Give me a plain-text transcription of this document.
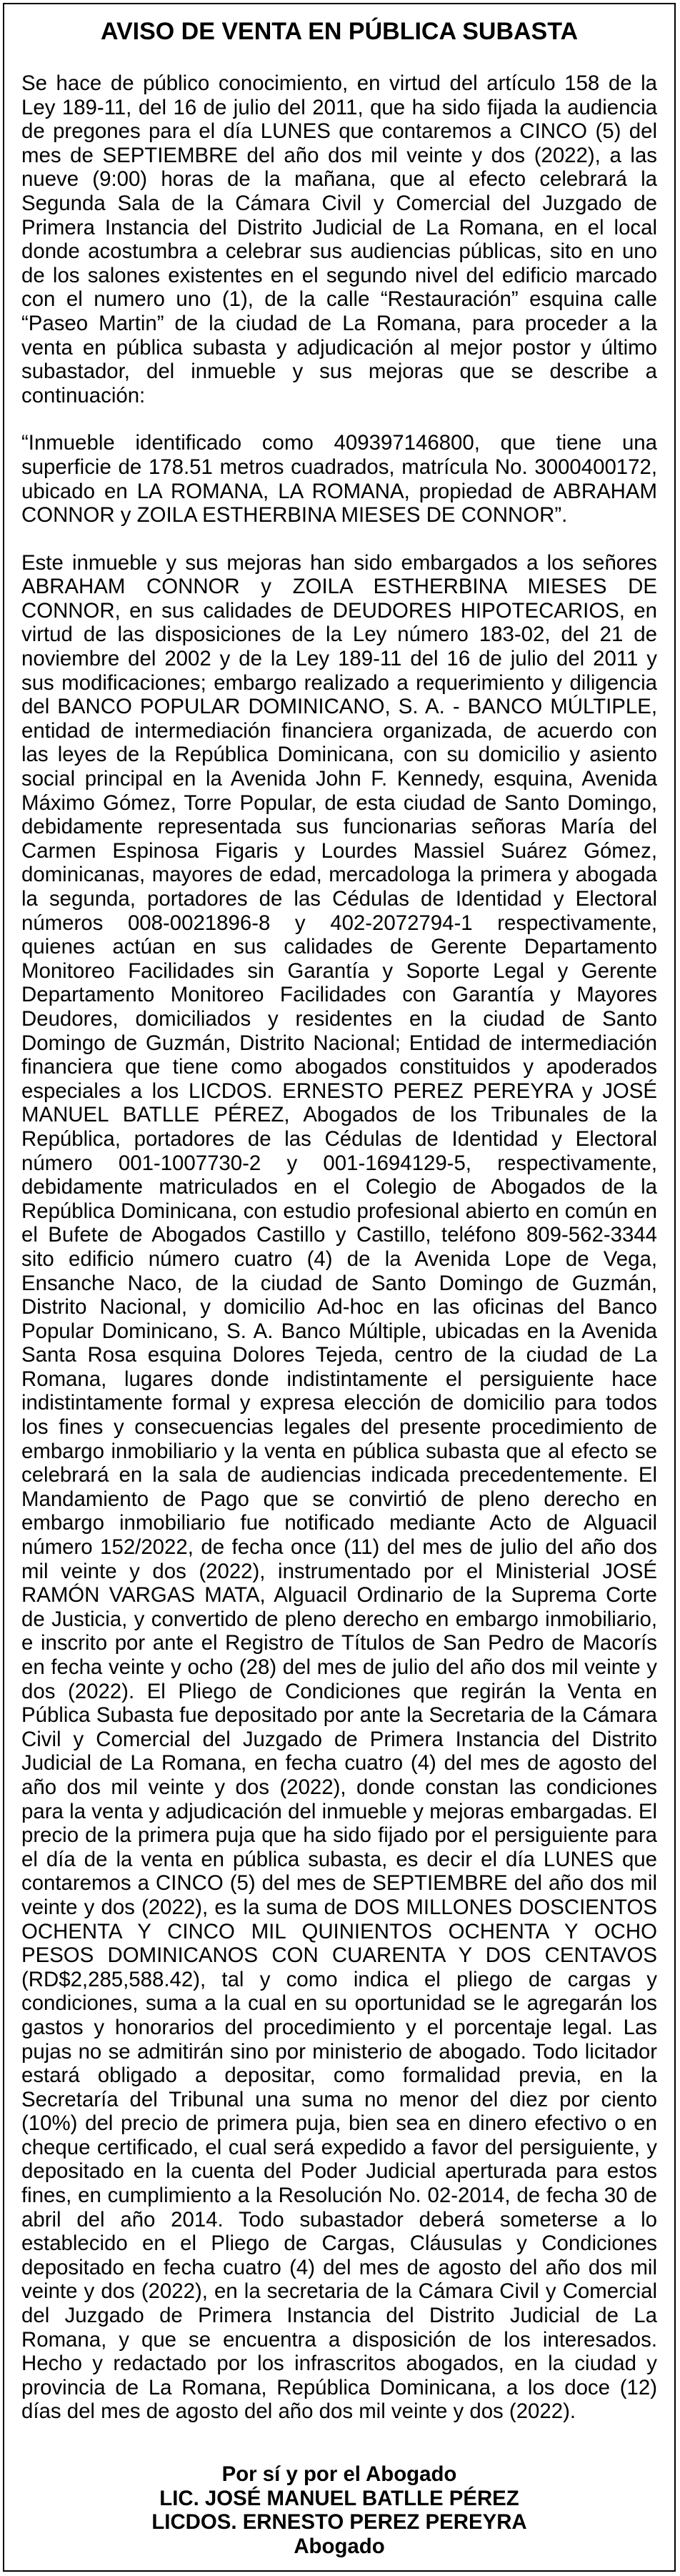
AVISO DE VENTA EN PÚBLICA SUBASTA

Se hace de público conocimiento, en virtud del artículo 158 de la Ley 189-11, del 16 de julio del 2011, que ha sido fijada la audiencia de pregones para el día LUNES que contaremos a CINCO (5) del mes de SEPTIEMBRE del año dos mil veinte y dos (2022), a las nueve (9:00) horas de la mañana, que al efecto celebrará la Segunda Sala de la Cámara Civil y Comercial del Juzgado de Primera Instancia del Distrito Judicial de La Romana, en el local donde acostumbra a celebrar sus audiencias públicas, sito en uno de los salones existentes en el segundo nivel del edificio marcado con el numero uno (1), de la calle “Restauración” esquina calle “Paseo Martin” de la ciudad de La Romana, para proceder a la venta en pública subasta y adjudicación al mejor postor y último subastador, del inmueble y sus mejoras que se describe a continuación:

“Inmueble identificado como 409397146800, que tiene una superficie de 178.51 metros cuadrados, matrícula No. 3000400172, ubicado en LA ROMANA, LA ROMANA, propiedad de ABRAHAM CONNOR y ZOILA ESTHERBINA MIESES DE CONNOR”.

Este inmueble y sus mejoras han sido embargados a los señores ABRAHAM CONNOR y ZOILA ESTHERBINA MIESES DE CONNOR, en sus calidades de DEUDORES HIPOTECARIOS, en virtud de las disposiciones de la Ley número 183-02, del 21 de noviembre del 2002 y de la Ley 189-11 del 16 de julio del 2011 y sus modificaciones; embargo realizado a requerimiento y diligencia del BANCO POPULAR DOMINICANO, S. A. - BANCO MÚLTIPLE, entidad de intermediación financiera organizada, de acuerdo con las leyes de la República Dominicana, con su domicilio y asiento social principal en la Avenida John F. Kennedy, esquina, Avenida Máximo Gómez, Torre Popular, de esta ciudad de Santo Domingo, debidamente representada sus funcionarias señoras María del Carmen Espinosa Figaris y Lourdes Massiel Suárez Gómez, dominicanas, mayores de edad, mercadologa la primera y abogada la segunda, portadores de las Cédulas de Identidad y Electoral números 008-0021896-8 y 402-2072794-1 respectivamente, quienes actúan en sus calidades de Gerente Departamento Monitoreo Facilidades sin Garantía y Soporte Legal y Gerente Departamento Monitoreo Facilidades con Garantía y Mayores Deudores, domiciliados y residentes en la ciudad de Santo Domingo de Guzmán, Distrito Nacional; Entidad de intermediación financiera que tiene como abogados constituidos y apoderados especiales a los LICDOS. ERNESTO PEREZ PEREYRA y JOSÉ MANUEL BATLLE PÉREZ, Abogados de los Tribunales de la República, portadores de las Cédulas de Identidad y Electoral número 001-1007730-2 y 001-1694129-5, respectivamente, debidamente matriculados en el Colegio de Abogados de la República Dominicana, con estudio profesional abierto en común en el Bufete de Abogados Castillo y Castillo, teléfono 809-562-3344 sito edificio número cuatro (4) de la Avenida Lope de Vega, Ensanche Naco, de la ciudad de Santo Domingo de Guzmán, Distrito Nacional, y domicilio Ad-hoc en las oficinas del Banco Popular Dominicano, S. A. Banco Múltiple, ubicadas en la Avenida Santa Rosa esquina Dolores Tejeda, centro de la ciudad de La Romana, lugares donde indistintamente el persiguiente hace indistintamente formal y expresa elección de domicilio para todos los fines y consecuencias legales del presente procedimiento de embargo inmobiliario y la venta en pública subasta que al efecto se celebrará en la sala de audiencias indicada precedentemente. El Mandamiento de Pago que se convirtió de pleno derecho en embargo inmobiliario fue notificado mediante Acto de Alguacil número 152/2022, de fecha once (11) del mes de julio del año dos mil veinte y dos (2022), instrumentado por el Ministerial JOSÉ RAMÓN VARGAS MATA, Alguacil Ordinario de la Suprema Corte de Justicia, y convertido de pleno derecho en embargo inmobiliario, e inscrito por ante el Registro de Títulos de San Pedro de Macorís en fecha veinte y ocho (28) del mes de julio del año dos mil veinte y dos (2022). El Pliego de Condiciones que regirán la Venta en Pública Subasta fue depositado por ante la Secretaria de la Cámara Civil y Comercial del Juzgado de Primera Instancia del Distrito Judicial de La Romana, en fecha cuatro (4) del mes de agosto del año dos mil veinte y dos (2022), donde constan las condiciones para la venta y adjudicación del inmueble y mejoras embargadas. El precio de la primera puja que ha sido fijado por el persiguiente para el día de la venta en pública subasta, es decir el día LUNES que contaremos a CINCO (5) del mes de SEPTIEMBRE del año dos mil veinte y dos (2022), es la suma de DOS MILLONES DOSCIENTOS OCHENTA Y CINCO MIL QUINIENTOS OCHENTA Y OCHO PESOS DOMINICANOS CON CUARENTA Y DOS CENTAVOS (RD$2,285,588.42), tal y como indica el pliego de cargas y condiciones, suma a la cual en su oportunidad se le agregarán los gastos y honorarios del procedimiento y el porcentaje legal. Las pujas no se admitirán sino por ministerio de abogado. Todo licitador estará obligado a depositar, como formalidad previa, en la Secretaría del Tribunal una suma no menor del diez por ciento (10%) del precio de primera puja, bien sea en dinero efectivo o en cheque certificado, el cual será expedido a favor del persiguiente, y depositado en la cuenta del Poder Judicial aperturada para estos fines, en cumplimiento a la Resolución No. 02-2014, de fecha 30 de abril del año 2014. Todo subastador deberá someterse a lo establecido en el Pliego de Cargas, Cláusulas y Condiciones depositado en fecha cuatro (4) del mes de agosto del año dos mil veinte y dos (2022), en la secretaria de la Cámara Civil y Comercial del Juzgado de Primera Instancia del Distrito Judicial de La Romana, y que se encuentra a disposición de los interesados. Hecho y redactado por los infrascritos abogados, en la ciudad y provincia de La Romana, República Dominicana, a los doce (12) días del mes de agosto del año dos mil veinte y dos (2022).

Por sí y por el Abogado

LIC. JOSÉ MANUEL BATLLE PÉREZ

LICDOS. ERNESTO PEREZ PEREYRA

Abogado
